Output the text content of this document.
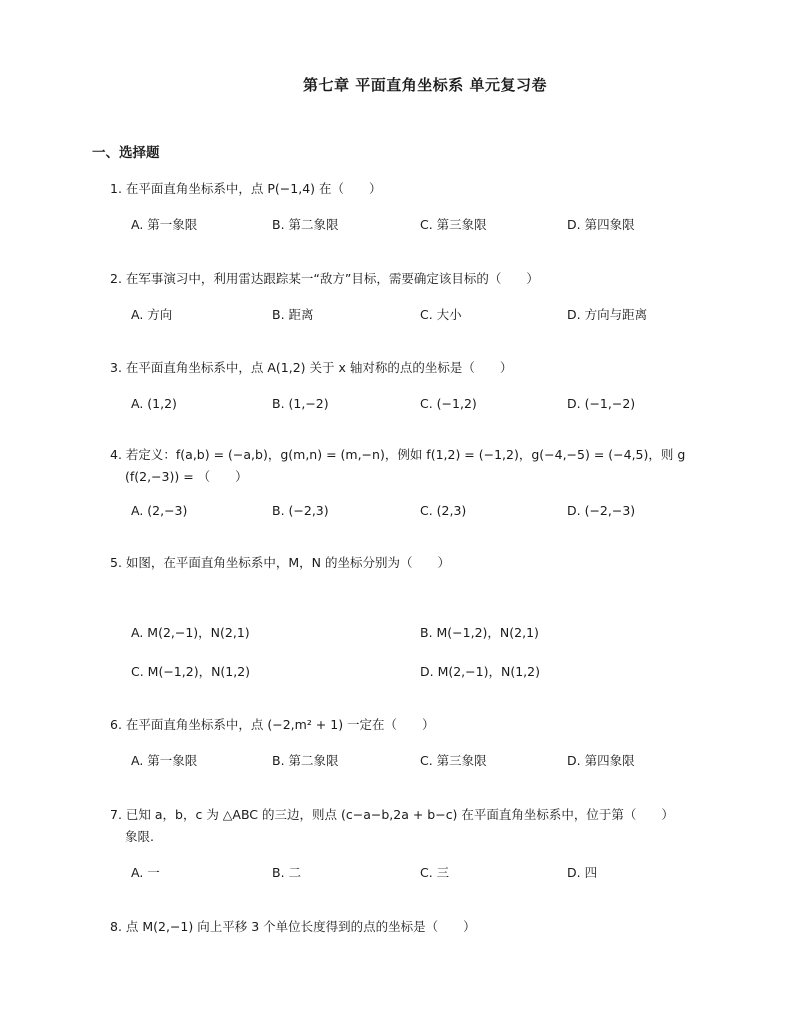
第七章 平面直角坐标系 单元复习卷
一、选择题
1. 在平面直角坐标系中，点 P(−1,4) 在（　　）
A. 第一象限	B. 第二象限	C. 第三象限	D. 第四象限
2. 在军事演习中，利用雷达跟踪某一“敌方”目标，需要确定该目标的（　　）
A. 方向	B. 距离	C. 大小	D. 方向与距离
3. 在平面直角坐标系中，点 A(1,2) 关于 x 轴对称的点的坐标是（　　）
A. (1,2)	B. (1,−2)	C. (−1,2)	D. (−1,−2)
4. 若定义：f(a,b) = (−a,b)，g(m,n) = (m,−n)，例如 f(1,2) = (−1,2)，g(−4,−5) = (−4,5)，则 g
(f(2,−3)) = （　　）
A. (2,−3)	B. (−2,3)	C. (2,3)	D. (−2,−3)
5. 如图，在平面直角坐标系中，M，N 的坐标分别为（　　）
A. M(2,−1)，N(2,1)	B. M(−1,2)，N(2,1)
C. M(−1,2)，N(1,2)	D. M(2,−1)，N(1,2)
6. 在平面直角坐标系中，点 (−2,m² + 1) 一定在（　　）
A. 第一象限	B. 第二象限	C. 第三象限	D. 第四象限
7. 已知 a，b，c 为 △ABC 的三边，则点 (c−a−b,2a + b−c) 在平面直角坐标系中，位于第（　　）
象限.
A. 一	B. 二	C. 三	D. 四
8. 点 M(2,−1) 向上平移 3 个单位长度得到的点的坐标是（　　）
